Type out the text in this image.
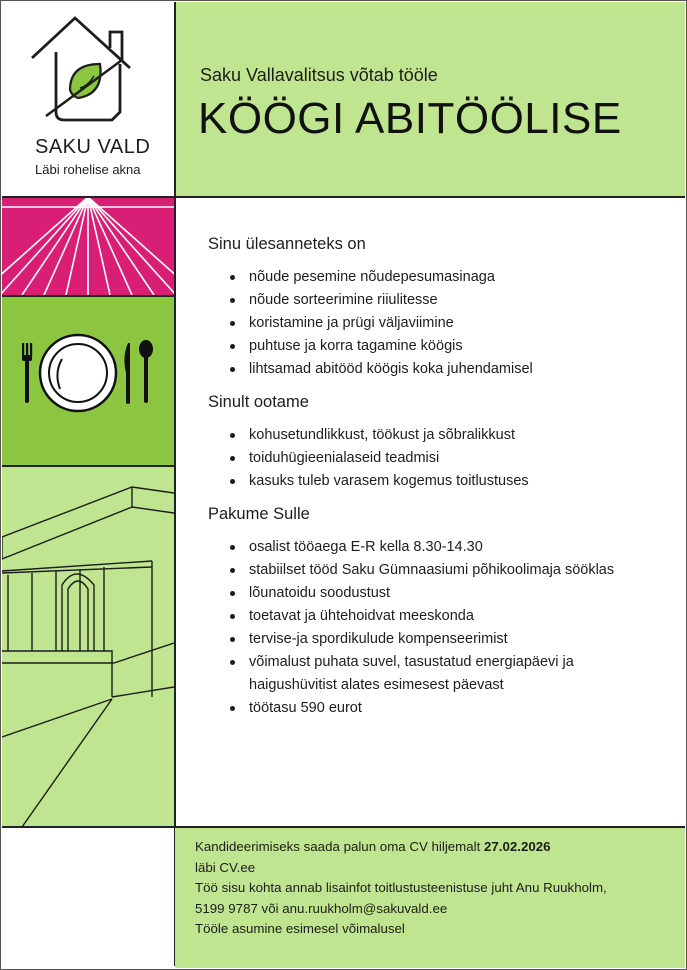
SAKU VALD
Läbi rohelise akna
Saku Vallavalitsus võtab tööle
KÖÖGI ABITÖÖLISE
Sinu ülesanneteks on
nõude pesemine nõudepesumasinaga
nõude sorteerimine riiulitesse
koristamine ja prügi väljaviimine
puhtuse ja korra tagamine köögis
lihtsamad abitööd köögis koka juhendamisel
Sinult ootame
kohusetundlikkust, töökust ja sõbralikkust
toiduhügieenialaseid teadmisi
kasuks tuleb varasem kogemus toitlustuses
Pakume Sulle
osalist tööaega E-R kella 8.30-14.30
stabiilset tööd Saku Gümnaasiumi põhikoolimaja sööklas
lõunatoidu soodustust
toetavat ja ühtehoidvat meeskonda
tervise-ja spordikulude kompenseerimist
võimalust puhata suvel, tasustatud energiapäevi ja haigushüvitist alates esimesest päevast
töötasu 590 eurot
Kandideerimiseks saada palun oma CV hiljemalt 27.02.2026
läbi CV.ee
Töö sisu kohta annab lisainfot toitlustusteenistuse juht Anu Ruukholm,
5199 9787 või anu.ruukholm@sakuvald.ee
Tööle asumine esimesel võimalusel
